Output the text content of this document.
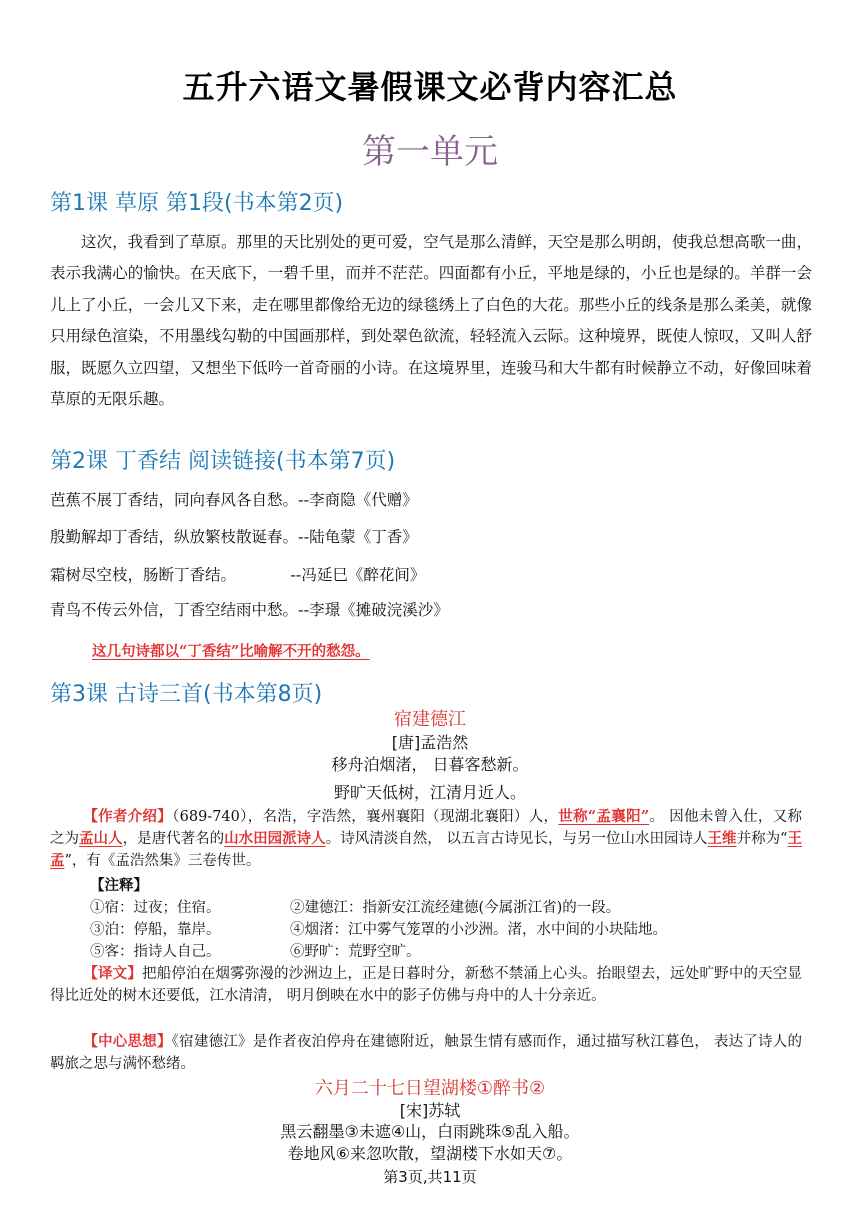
五升六语文暑假课文必背内容汇总
第一单元
第1课 草原 第1段(书本第2页)
这次，我看到了草原。那里的天比别处的更可爱，空气是那么清鲜，天空是那么明朗，使我总想高歌一曲，表示我满心的愉快。在天底下，一碧千里，而并不茫茫。四面都有小丘，平地是绿的，小丘也是绿的。羊群一会儿上了小丘，一会儿又下来，走在哪里都像给无边的绿毯绣上了白色的大花。那些小丘的线条是那么柔美，就像只用绿色渲染，不用墨线勾勒的中国画那样，到处翠色欲流，轻轻流入云际。这种境界，既使人惊叹，又叫人舒服，既愿久立四望，又想坐下低吟一首奇丽的小诗。在这境界里，连骏马和大牛都有时候静立不动，好像回味着草原的无限乐趣。
第2课 丁香结 阅读链接(书本第7页)
芭蕉不展丁香结，同向春风各自愁。--李商隐《代赠》
殷勤解却丁香结，纵放繁枝散诞春。--陆龟蒙《丁香》
霜树尽空枝，肠断丁香结。           --冯延巳《醉花间》
青鸟不传云外信，丁香空结雨中愁。--李璟《摊破浣溪沙》
这几句诗都以“丁香结”比喻解不开的愁怨。
第3课 古诗三首(书本第8页)
宿建德江
[唐]孟浩然
移舟泊烟渚， 日暮客愁新。
野旷天低树，江清月近人。
【作者介绍】（689-740），名浩，字浩然，襄州襄阳（现湖北襄阳）人，世称“孟襄阳”。 因他未曾入仕，又称之为孟山人，是唐代著名的山水田园派诗人。诗风清淡自然， 以五言古诗见长，与另一位山水田园诗人王维并称为“王孟”，有《孟浩然集》三卷传世。
【注释】
①宿：过夜；住宿。	②建德江：指新安江流经建德(今属浙江省)的一段。
③泊：停船，靠岸。	④烟渚：江中雾气笼罩的小沙洲。渚，水中间的小块陆地。
⑤客：指诗人自己。	⑥野旷：荒野空旷。
【译文】把船停泊在烟雾弥漫的沙洲边上，正是日暮时分，新愁不禁涌上心头。抬眼望去，远处旷野中的天空显得比近处的树木还要低，江水清清， 明月倒映在水中的影子仿佛与舟中的人十分亲近。
【中心思想】《宿建德江》是作者夜泊停舟在建德附近，触景生情有感而作，通过描写秋江暮色， 表达了诗人的羁旅之思与满怀愁绪。
六月二十七日望湖楼①醉书②
[宋]苏轼
黑云翻墨③未遮④山，白雨跳珠⑤乱入船。
卷地风⑥来忽吹散，望湖楼下水如天⑦。
第3页,共11页
